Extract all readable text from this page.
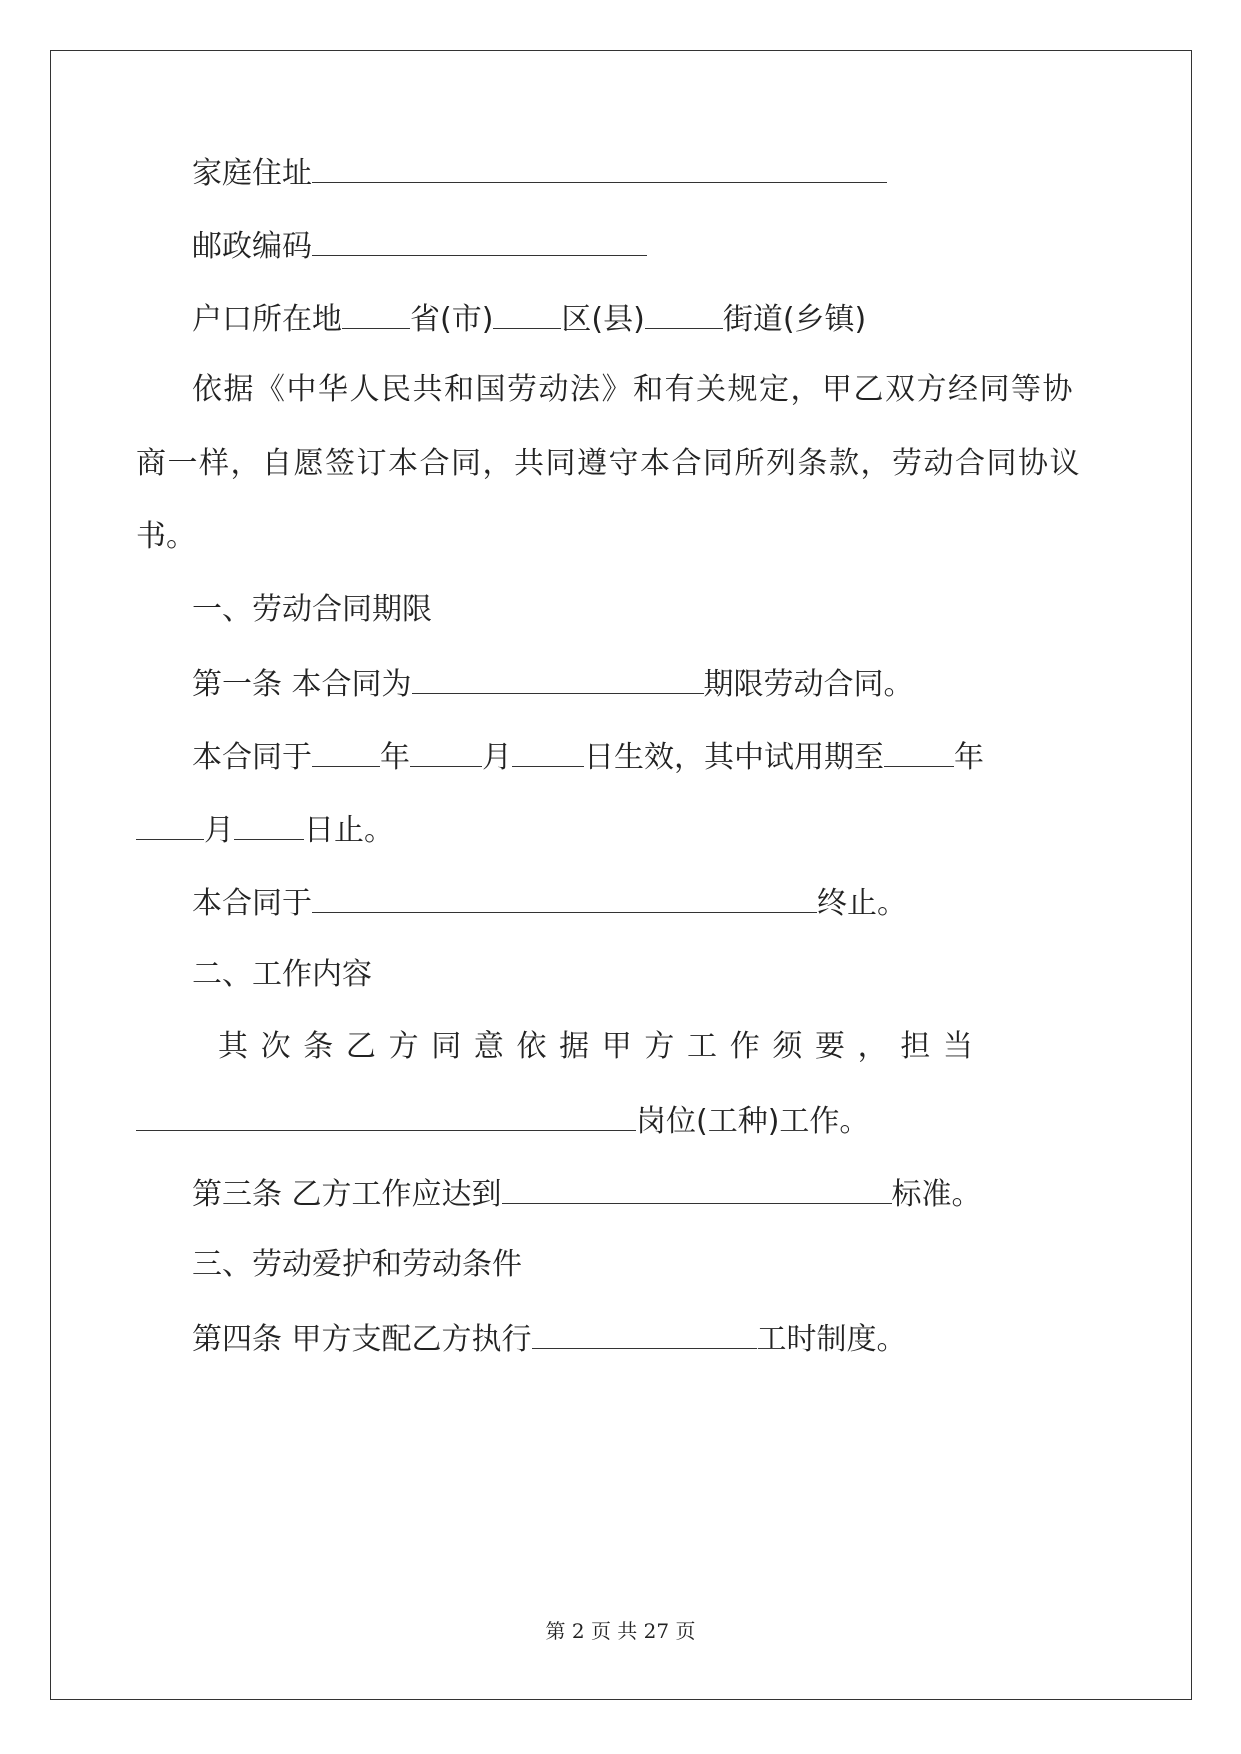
家庭住址
邮政编码
户口所在地 省(市) 区(县)	街道(乡镇)
依据《中华人民共和国劳动法》和有关规定，甲乙双方经同等协
商一样，自愿签订本合同，共同遵守本合同所列条款，劳动合同协议
书。
一、劳动合同期限
第一条 本合同为	期限劳动合同。
本合同于 年 月 日生效，其中试用期至 年
月 日止。
本合同于	终止。
二、工作内容
其 次 条 乙 方 同 意 依 据 甲 方 工 作 须 要 ， 担 当
岗位(工种)工作。
第三条 乙方工作应达到	标准。
三、劳动爱护和劳动条件
第四条 甲方支配乙方执行	工时制度。
第 2 页 共 27 页
